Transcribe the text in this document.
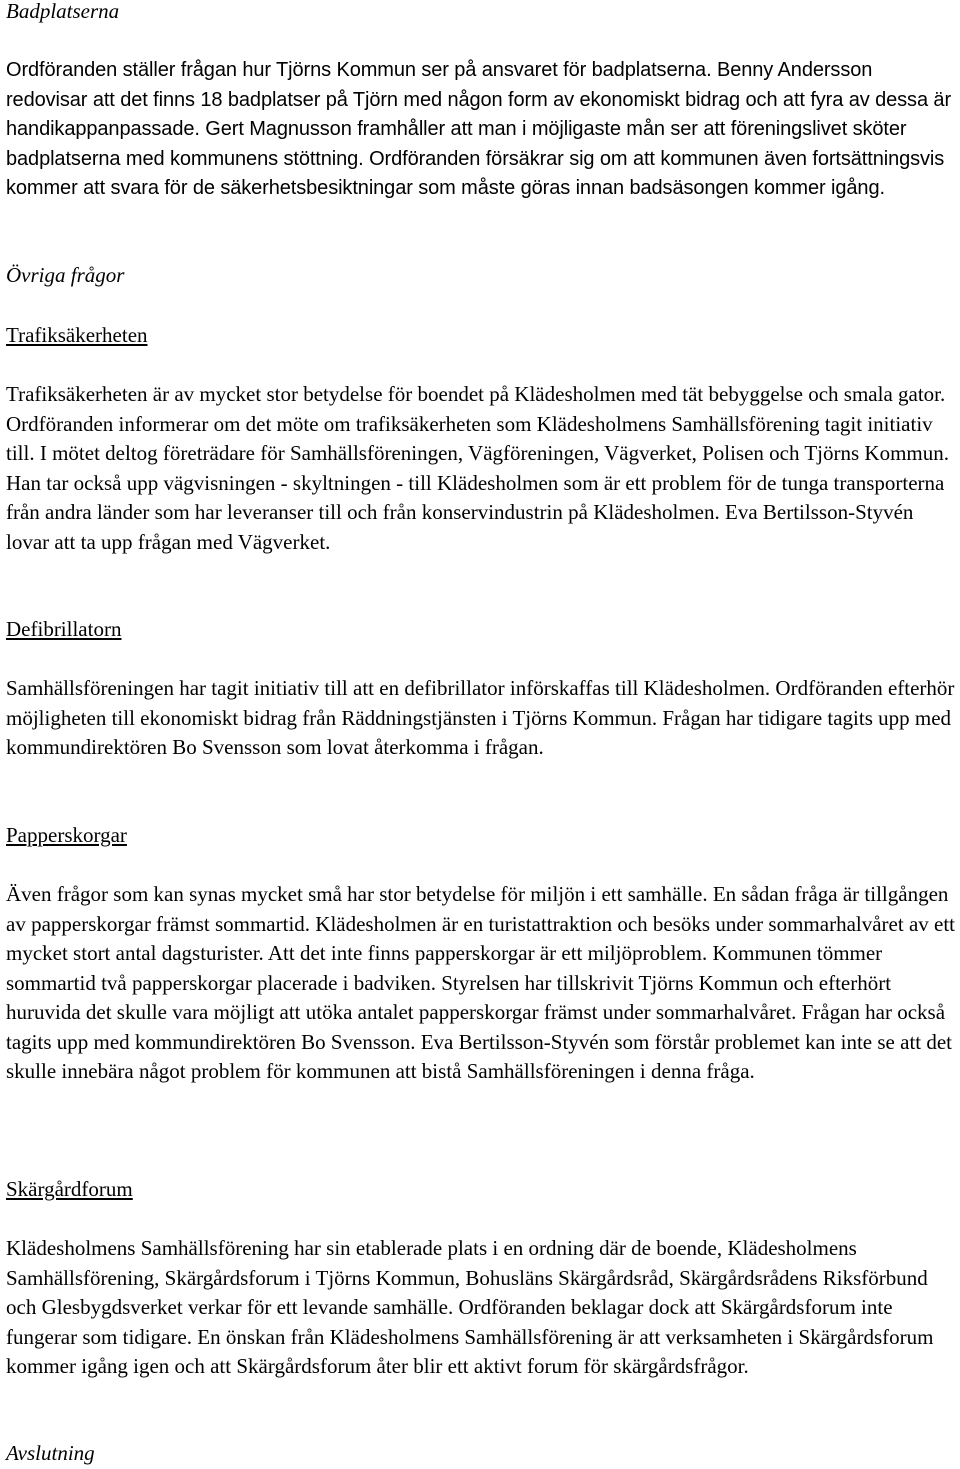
Badplatserna

Ordföranden ställer frågan hur Tjörns Kommun ser på ansvaret för badplatserna. Benny Andersson redovisar att det finns 18 badplatser på Tjörn med någon form av ekonomiskt bidrag och att fyra av dessa är handikappanpassade. Gert Magnusson framhåller att man i möjligaste mån ser att föreningslivet sköter badplatserna med kommunens stöttning. Ordföranden försäkrar sig om att kommunen även fortsättningsvis kommer att svara för de säkerhetsbesiktningar som måste göras innan badsäsongen kommer igång.

Övriga frågor
Trafiksäkerheten

Trafiksäkerheten är av mycket stor betydelse för boendet på Klädesholmen med tät bebyggelse och smala gator. Ordföranden informerar om det möte om trafiksäkerheten som Klädesholmens Samhällsförening tagit initiativ till. I mötet deltog företrädare för Samhällsföreningen, Vägföreningen, Vägverket, Polisen och Tjörns Kommun. Han tar också upp vägvisningen - skyltningen - till Klädesholmen som är ett problem för de tunga transporterna från andra länder som har leveranser till och från konservindustrin på Klädesholmen. Eva Bertilsson-Styvén lovar att ta upp frågan med Vägverket.

Defibrillatorn

Samhällsföreningen har tagit initiativ till att en defibrillator införskaffas till Klädesholmen. Ordföranden efterhör möjligheten till ekonomiskt bidrag från Räddningstjänsten i Tjörns Kommun. Frågan har tidigare tagits upp med kommundirektören Bo Svensson som lovat återkomma i frågan.

Papperskorgar

Även frågor som kan synas mycket små har stor betydelse för miljön i ett samhälle. En sådan fråga är tillgången av papperskorgar främst sommartid. Klädesholmen är en turistattraktion och besöks under sommarhalvåret av ett mycket stort antal dagsturister. Att det inte finns papperskorgar är ett miljöproblem. Kommunen tömmer sommartid två papperskorgar placerade i badviken. Styrelsen har tillskrivit Tjörns Kommun och efterhört huruvida det skulle vara möjligt att utöka antalet papperskorgar främst under sommarhalvåret. Frågan har också tagits upp med kommundirektören Bo Svensson. Eva Bertilsson-Styvén som förstår problemet kan inte se att det skulle innebära något problem för kommunen att bistå Samhällsföreningen i denna fråga.

Skärgårdforum

Klädesholmens Samhällsförening har sin etablerade plats i en ordning där de boende, Klädesholmens Samhällsförening, Skärgårdsforum i Tjörns Kommun, Bohusläns Skärgårdsråd, Skärgårdsrådens Riksförbund och Glesbygdsverket verkar för ett levande samhälle. Ordföranden beklagar dock att Skärgårdsforum inte fungerar som tidigare. En önskan från Klädesholmens Samhällsförening är att verksamheten i Skärgårdsforum kommer igång igen och att Skärgårdsforum åter blir ett aktivt forum för skärgårdsfrågor.

Avslutning
